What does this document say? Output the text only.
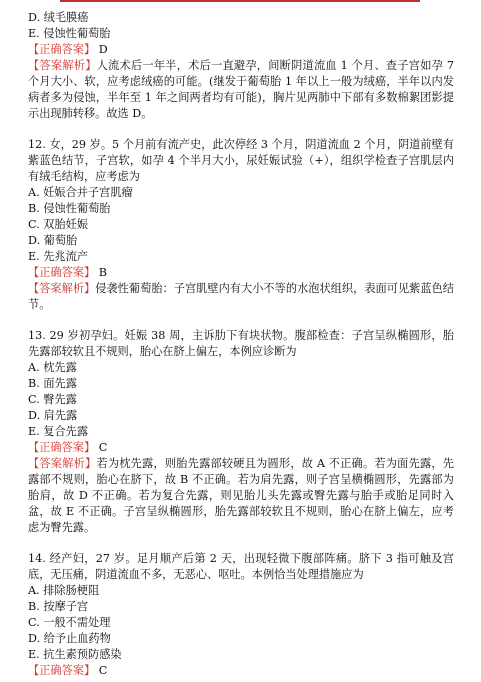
D. 绒毛膜癌
E. 侵蚀性葡萄胎
【正确答案】 D
【答案解析】人流术后一年半，术后一直避孕，间断阴道流血 1 个月、查子宫如孕 7 个月大小、软，应考虑绒癌的可能。(继发于葡萄胎 1 年以上一般为绒癌，半年以内发病者多为侵蚀，半年至 1 年之间两者均有可能)，胸片见两肺中下部有多数棉絮团影提示出现肺转移。故选 D。
12. 女，29 岁。5 个月前有流产史，此次停经 3 个月，阴道流血 2 个月，阴道前壁有紫蓝色结节，子宫软，如孕 4 个半月大小，尿妊娠试验（+），组织学检查子宫肌层内有绒毛结构，应考虑为
A. 妊娠合并子宫肌瘤
B. 侵蚀性葡萄胎
C. 双胎妊娠
D. 葡萄胎
E. 先兆流产
【正确答案】 B
【答案解析】侵袭性葡萄胎：子宫肌壁内有大小不等的水泡状组织，表面可见紫蓝色结节。
13. 29 岁初孕妇。妊娠 38 周，主诉肋下有块状物。腹部检查：子宫呈纵椭圆形，胎先露部较软且不规则，胎心在脐上偏左，本例应诊断为
A. 枕先露
B. 面先露
C. 臀先露
D. 肩先露
E. 复合先露
【正确答案】 C
【答案解析】若为枕先露，则胎先露部较硬且为圆形，故 A 不正确。若为面先露，先露部不规则，胎心在脐下，故 B 不正确。若为肩先露，则子宫呈横椭圆形，先露部为胎肩，故 D 不正确。若为复合先露，则见胎儿头先露或臀先露与胎手或胎足同时入盆，故 E 不正确。子宫呈纵椭圆形，胎先露部较软且不规则，胎心在脐上偏左，应考虑为臀先露。
14. 经产妇，27 岁。足月顺产后第 2 天，出现轻微下腹部阵痛。脐下 3 指可触及宫底，无压痛，阴道流血不多，无恶心、呕吐。本例恰当处理措施应为
A. 排除肠梗阻
B. 按摩子宫
C. 一般不需处理
D. 给予止血药物
E. 抗生素预防感染
【正确答案】 C
